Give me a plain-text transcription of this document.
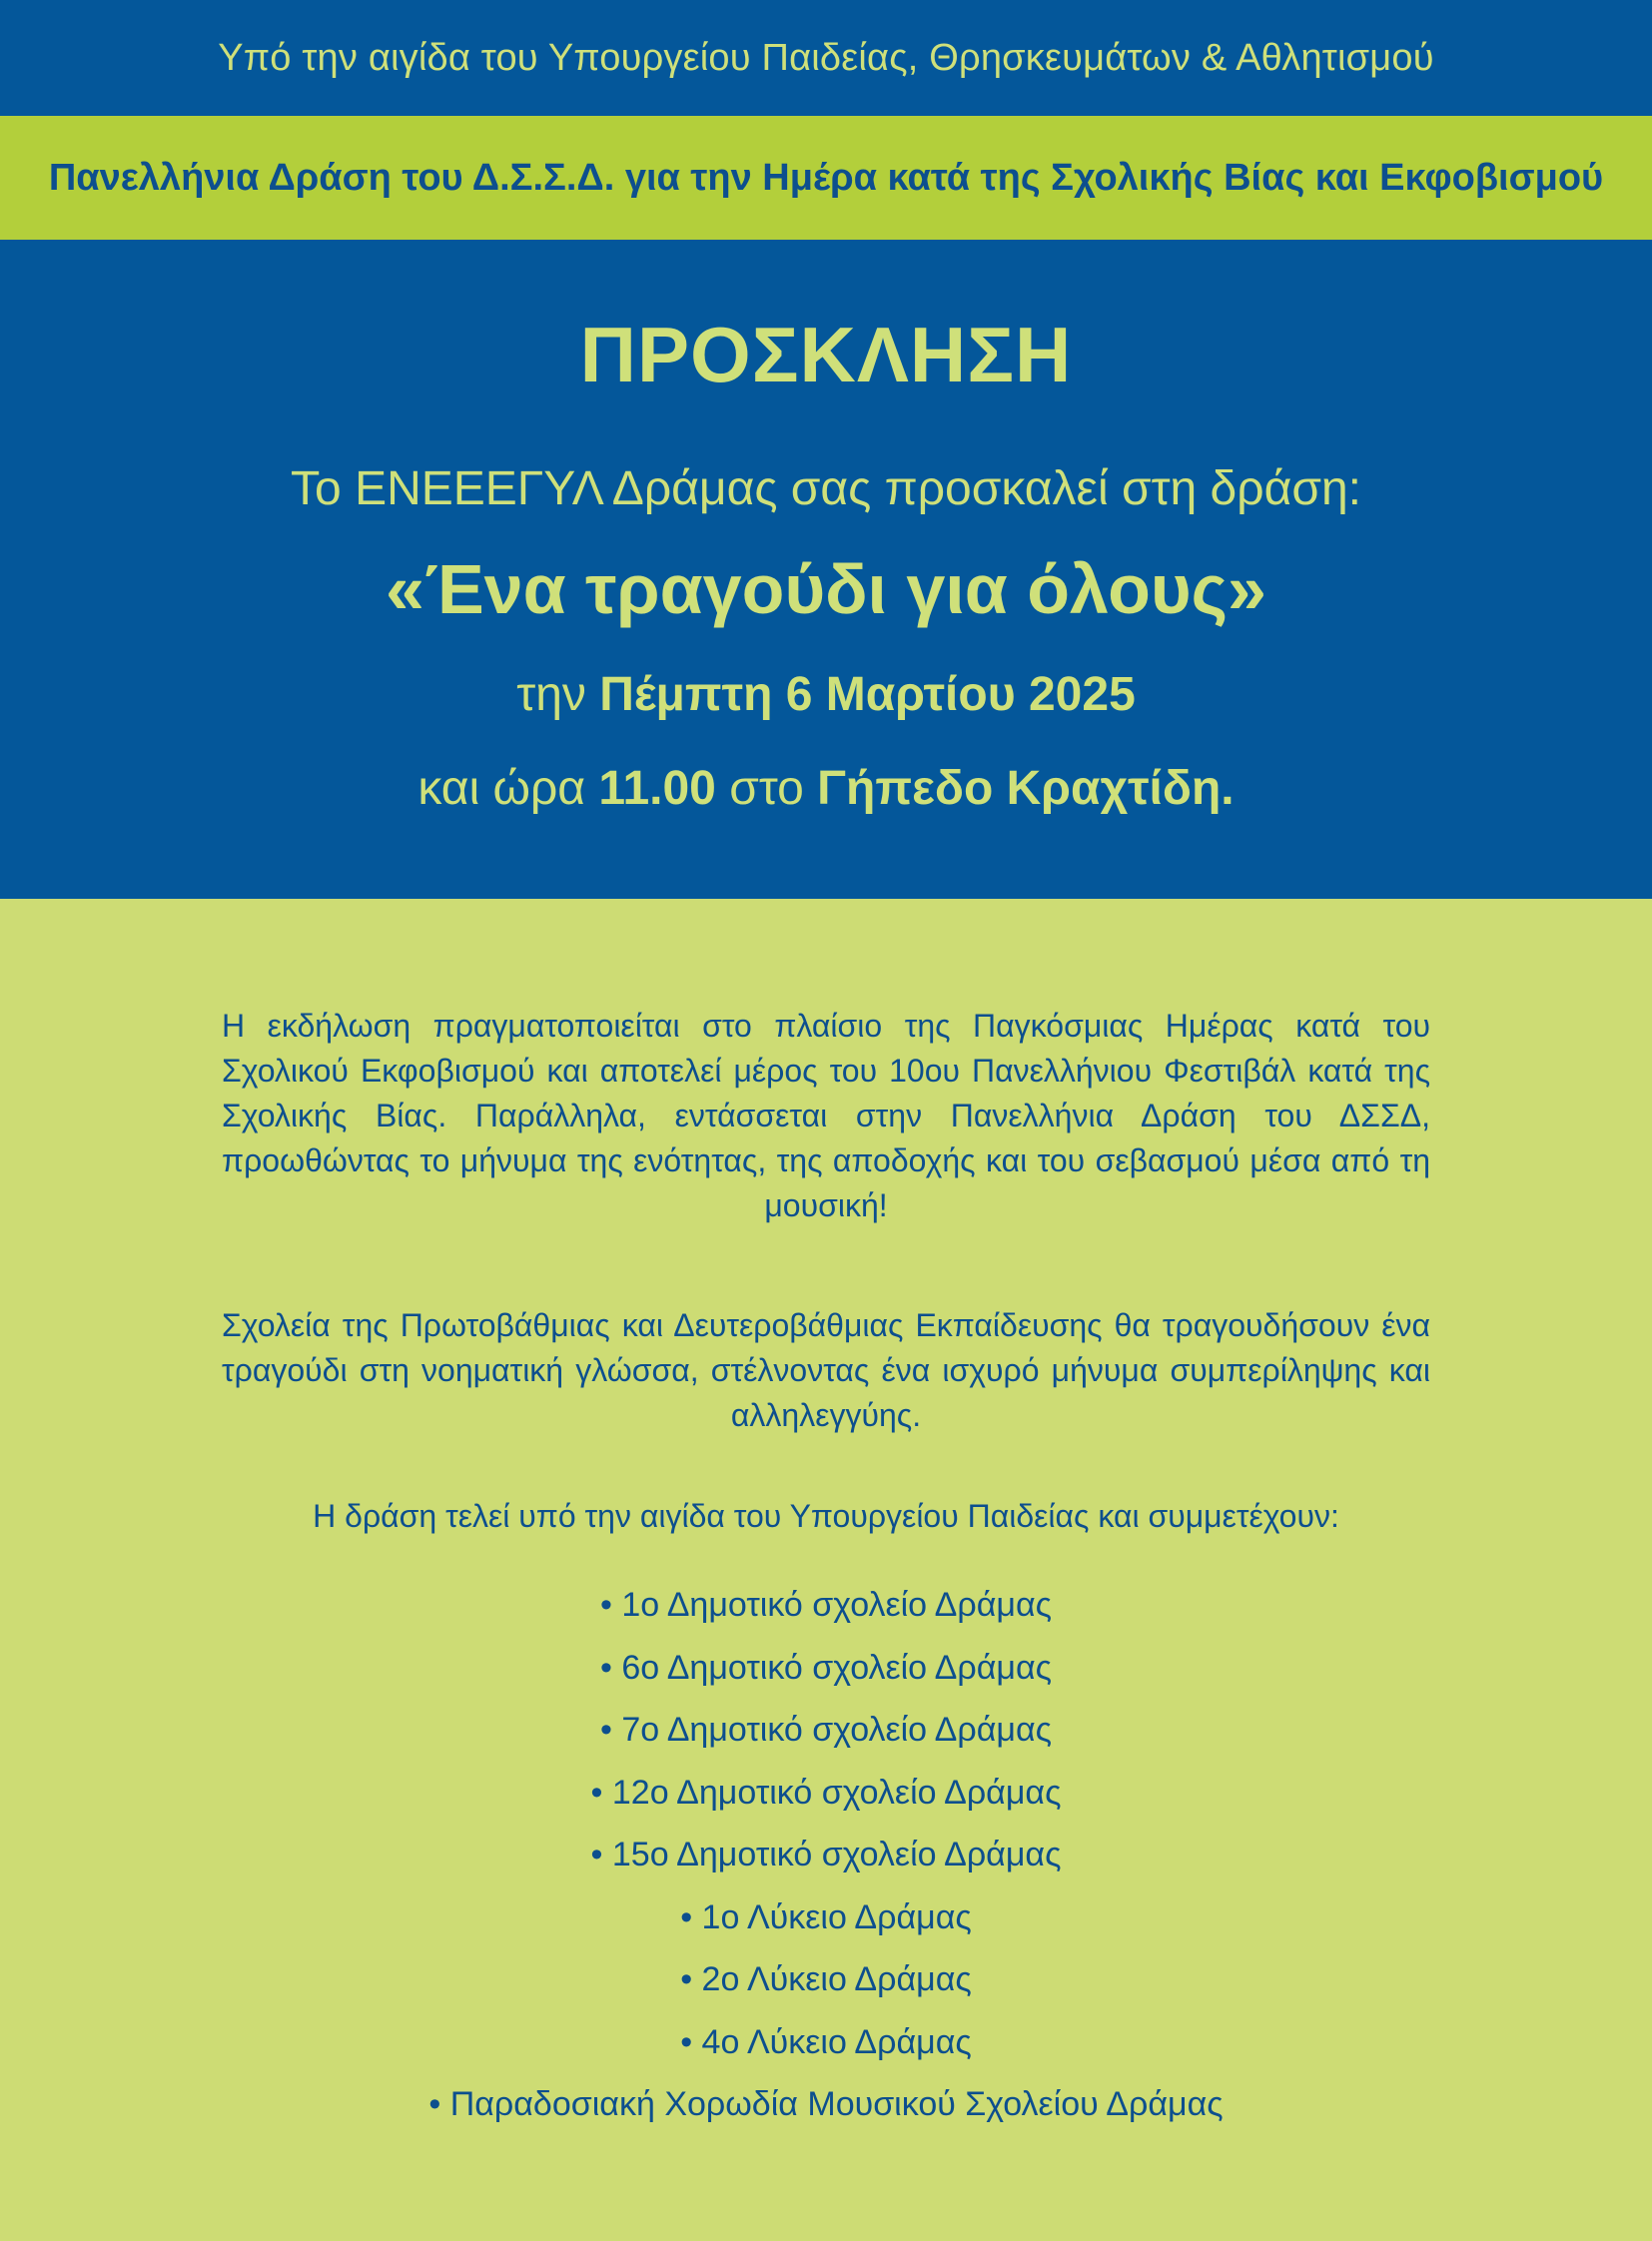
Υπό την αιγίδα του Υπουργείου Παιδείας, Θρησκευμάτων & Αθλητισμού
Πανελλήνια Δράση του Δ.Σ.Σ.Δ. για την Ημέρα κατά της Σχολικής Βίας και Εκφοβισμού
ΠΡΟΣΚΛΗΣΗ
Το ΕΝΕΕΕΓΥΛ Δράμας σας προσκαλεί στη δράση:
«Ένα τραγούδι για όλους»
την Πέμπτη 6 Μαρτίου 2025
και ώρα 11.00 στο Γήπεδο Κραχτίδη.

Η εκδήλωση πραγματοποιείται στο πλαίσιο της Παγκόσμιας Ημέρας κατά του Σχολικού Εκφοβισμού και αποτελεί μέρος του 10ου Πανελλήνιου Φεστιβάλ κατά της Σχολικής Βίας. Παράλληλα, εντάσσεται στην Πανελλήνια Δράση του ΔΣΣΔ, προωθώντας το μήνυμα της ενότητας, της αποδοχής και του σεβασμού μέσα από τη μουσική!

Σχολεία της Πρωτοβάθμιας και Δευτεροβάθμιας Εκπαίδευσης θα τραγουδήσουν ένα τραγούδι στη νοηματική γλώσσα, στέλνοντας ένα ισχυρό μήνυμα συμπερίληψης και αλληλεγγύης.

Η δράση τελεί υπό την αιγίδα του Υπουργείου Παιδείας και συμμετέχουν:

• 1ο Δημοτικό σχολείο Δράμας
• 6ο Δημοτικό σχολείο Δράμας
• 7ο Δημοτικό σχολείο Δράμας
• 12ο Δημοτικό σχολείο Δράμας
• 15ο Δημοτικό σχολείο Δράμας
• 1ο Λύκειο Δράμας
• 2ο Λύκειο Δράμας
• 4ο Λύκειο Δράμας
• Παραδοσιακή Χορωδία Μουσικού Σχολείου Δράμας
